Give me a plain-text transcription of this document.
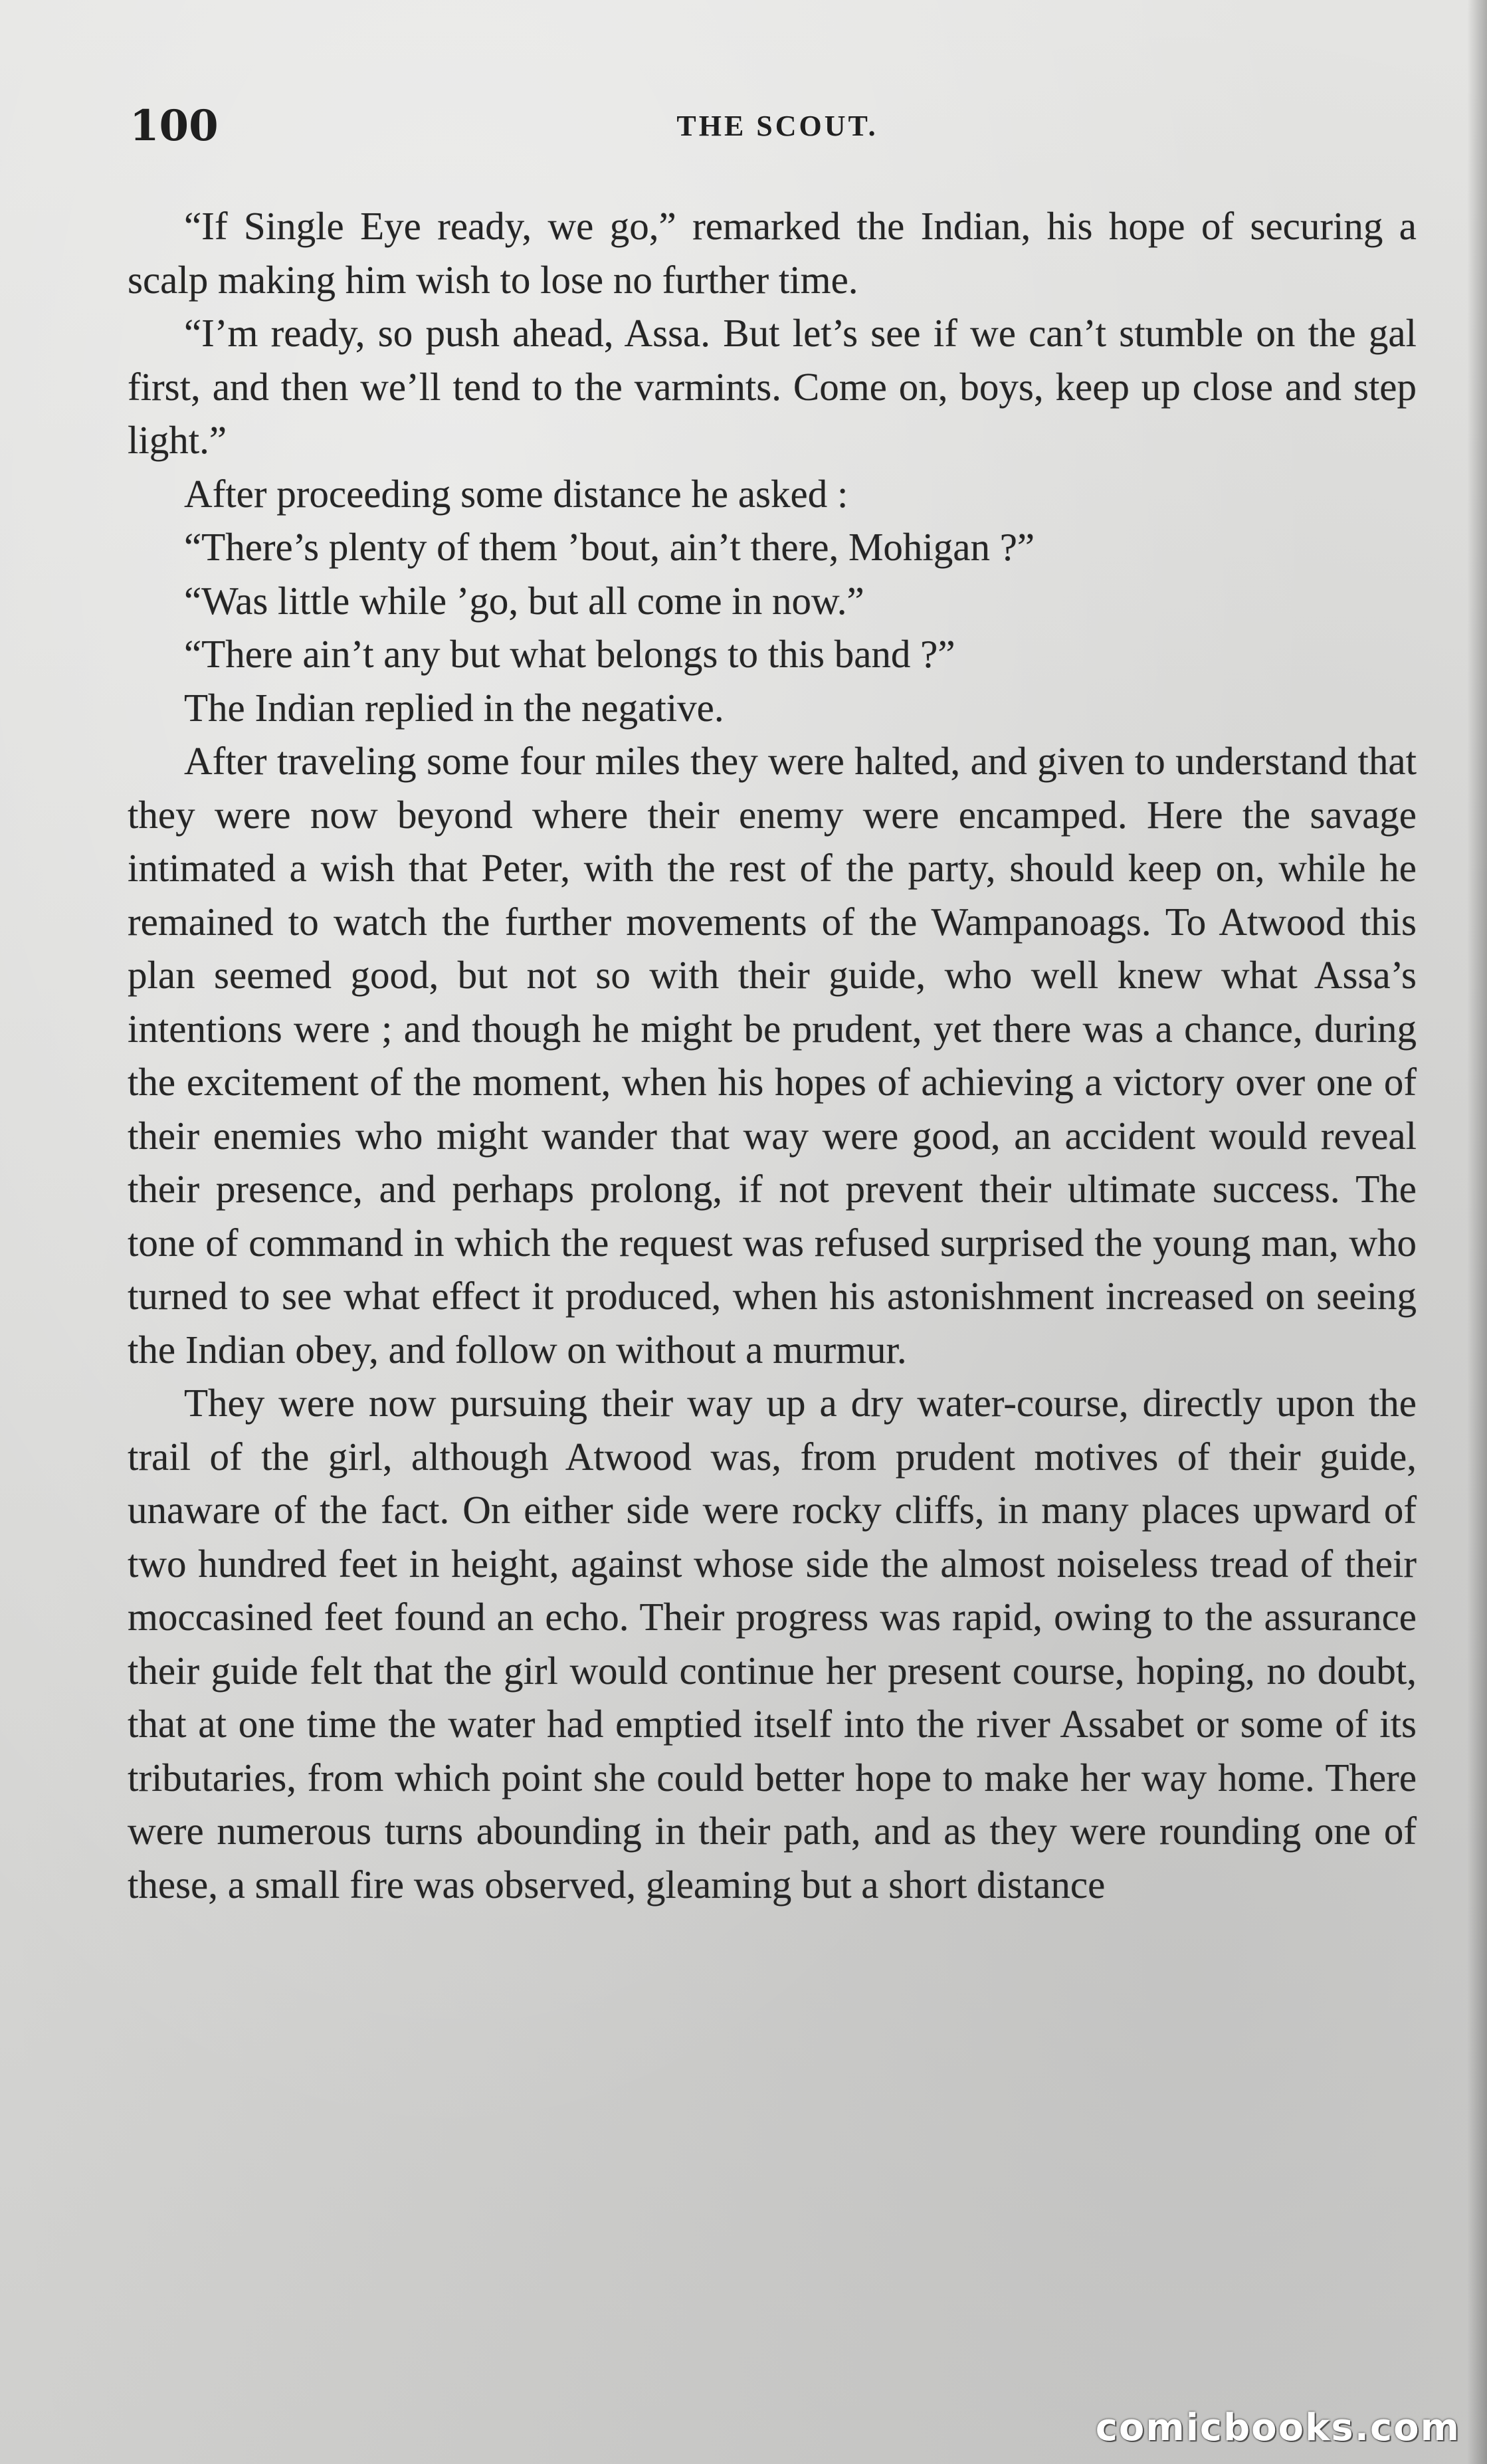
100	THE SCOUT.

“If Single Eye ready, we go,” remarked the Indian, his hope of securing a scalp making him wish to lose no further time.

“I’m ready, so push ahead, Assa. But let’s see if we can’t stumble on the gal first, and then we’ll tend to the varmints. Come on, boys, keep up close and step light.”

After proceeding some distance he asked :

“There’s plenty of them ’bout, ain’t there, Mohigan ?”

“Was little while ’go, but all come in now.”

“There ain’t any but what belongs to this band ?”

The Indian replied in the negative.

After traveling some four miles they were halted, and given to understand that they were now beyond where their enemy were encamped. Here the savage intimated a wish that Peter, with the rest of the party, should keep on, while he remained to watch the further movements of the Wampanoags. To Atwood this plan seemed good, but not so with their guide, who well knew what Assa’s intentions were ; and though he might be prudent, yet there was a chance, during the excitement of the moment, when his hopes of achieving a victory over one of their enemies who might wander that way were good, an accident would reveal their presence, and perhaps prolong, if not prevent their ultimate success. The tone of command in which the request was refused surprised the young man, who turned to see what effect it produced, when his astonishment increased on seeing the Indian obey, and follow on without a murmur.

They were now pursuing their way up a dry water-course, directly upon the trail of the girl, although Atwood was, from prudent motives of their guide, unaware of the fact. On either side were rocky cliffs, in many places upward of two hundred feet in height, against whose side the almost noiseless tread of their moccasined feet found an echo. Their progress was rapid, owing to the assurance their guide felt that the girl would continue her present course, hoping, no doubt, that at one time the water had emptied itself into the river Assabet or some of its tributaries, from which point she could better hope to make her way home. There were numerous turns abounding in their path, and as they were rounding one of these, a small fire was observed, gleaming but a short distance

comicbooks.com
